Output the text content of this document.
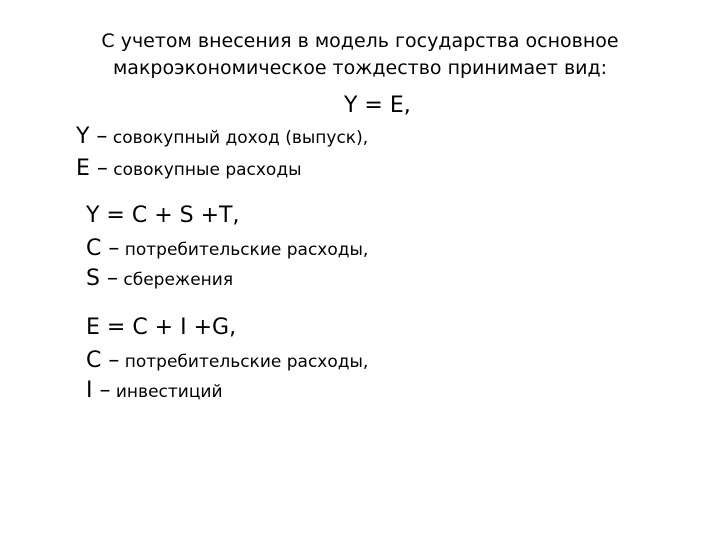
С учетом внесения в модель государства основное
макроэкономическое тождество принимает вид:
Y = E,
Y – совокупный доход (выпуск),
E – совокупные расходы
Y = C + S +T,
C – потребительские расходы,
S – сбережения
E = C + I +G,
C – потребительские расходы,
I – инвестиций
